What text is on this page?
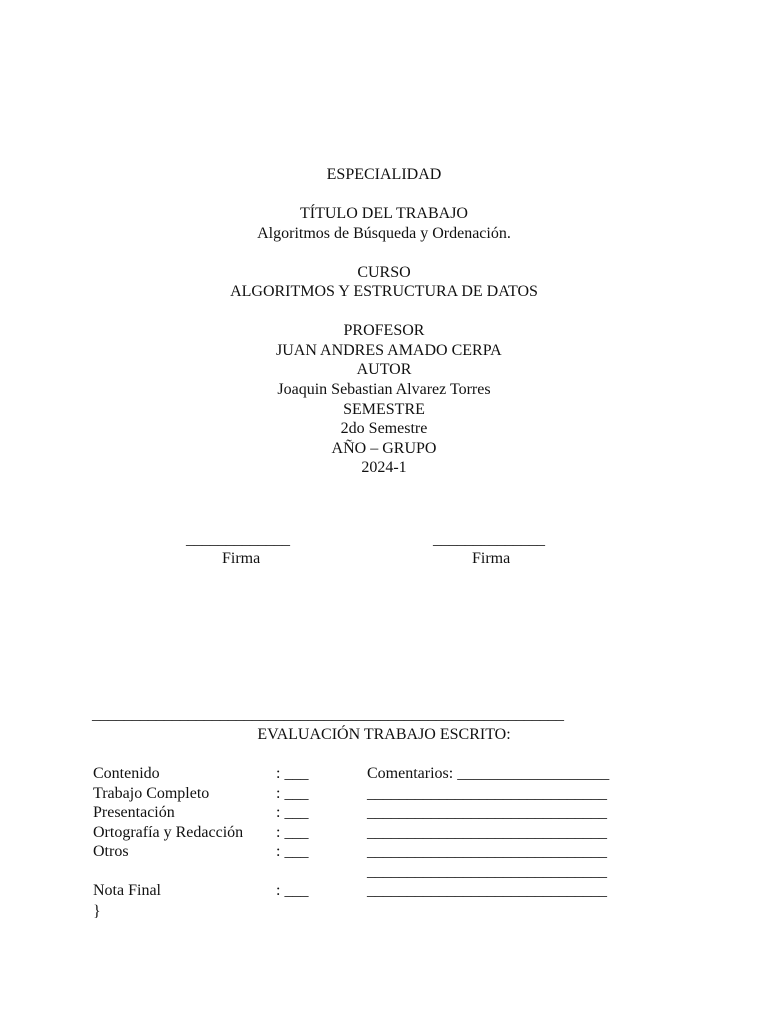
ESPECIALIDAD
TÍTULO DEL TRABAJO
Algoritmos de Búsqueda y Ordenación.
CURSO
ALGORITMOS Y ESTRUCTURA DE DATOS
PROFESOR
JUAN ANDRES AMADO CERPA
AUTOR
Joaquin Sebastian Alvarez Torres
SEMESTRE
2do Semestre
AÑO – GRUPO
2024-1
_____________
Firma
______________
Firma
___________________________________________________________
EVALUACIÓN TRABAJO ESCRITO:
Contenido	: ___	Comentarios: ___________________
Trabajo Completo	: ___	______________________________
Presentación	: ___	______________________________
Ortografía y Redacción : ___	______________________________
Otros	: ___	______________________________
______________________________
Nota Final	: ___	______________________________
}
